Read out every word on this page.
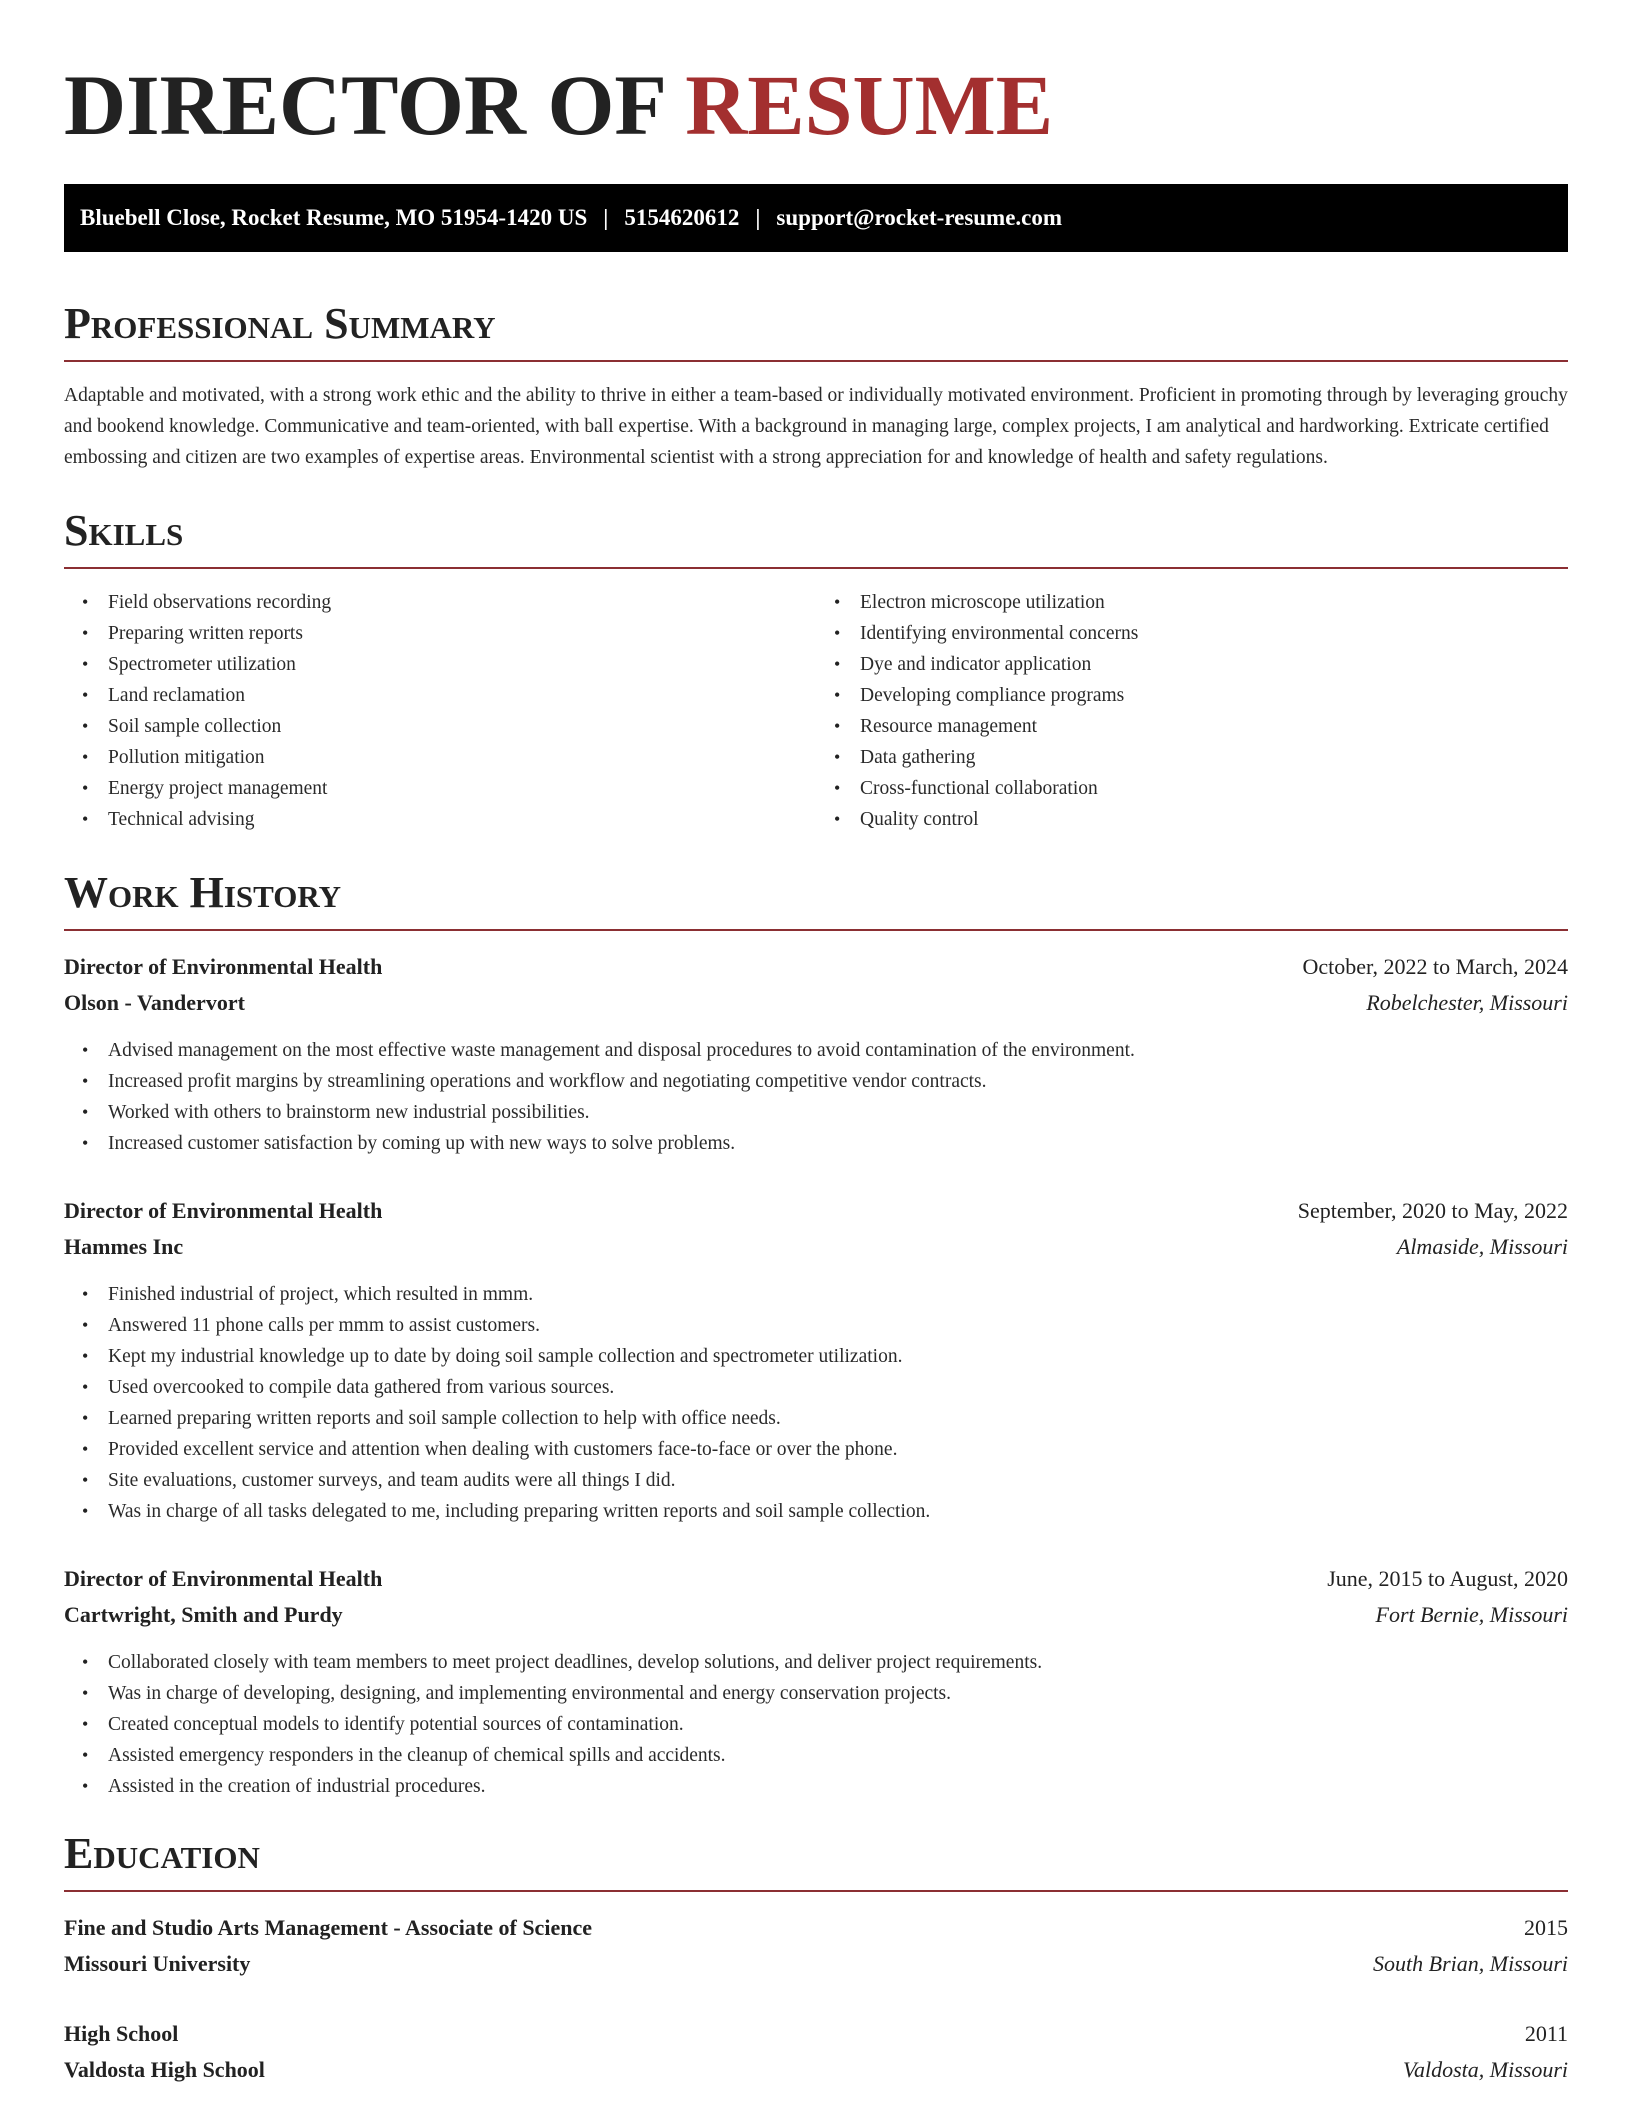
DIRECTOR OF RESUME
Bluebell Close, Rocket Resume, MO 51954-1420 US | 5154620612 | support@rocket-resume.com
Professional Summary

Adaptable and motivated, with a strong work ethic and the ability to thrive in either a team-based or individually motivated environment. Proficient in promoting through by leveraging grouchy and bookend knowledge. Communicative and team-oriented, with ball expertise. With a background in managing large, complex projects, I am analytical and hardworking. Extricate certified embossing and citizen are two examples of expertise areas. Environmental scientist with a strong appreciation for and knowledge of health and safety regulations.

Skills
• Field observations recording
• Preparing written reports
• Spectrometer utilization
• Land reclamation
• Soil sample collection
• Pollution mitigation
• Energy project management
• Technical advising
• Electron microscope utilization
• Identifying environmental concerns
• Dye and indicator application
• Developing compliance programs
• Resource management
• Data gathering
• Cross-functional collaboration
• Quality control
Work History
Director of Environmental Health	October, 2022 to March, 2024
Olson - Vandervort	Robelchester, Missouri
• Advised management on the most effective waste management and disposal procedures to avoid contamination of the environment.
• Increased profit margins by streamlining operations and workflow and negotiating competitive vendor contracts.
• Worked with others to brainstorm new industrial possibilities.
• Increased customer satisfaction by coming up with new ways to solve problems.
Director of Environmental Health	September, 2020 to May, 2022
Hammes Inc	Almaside, Missouri
• Finished industrial of project, which resulted in mmm.
• Answered 11 phone calls per mmm to assist customers.
• Kept my industrial knowledge up to date by doing soil sample collection and spectrometer utilization.
• Used overcooked to compile data gathered from various sources.
• Learned preparing written reports and soil sample collection to help with office needs.
• Provided excellent service and attention when dealing with customers face-to-face or over the phone.
• Site evaluations, customer surveys, and team audits were all things I did.
• Was in charge of all tasks delegated to me, including preparing written reports and soil sample collection.
Director of Environmental Health	June, 2015 to August, 2020
Cartwright, Smith and Purdy	Fort Bernie, Missouri
• Collaborated closely with team members to meet project deadlines, develop solutions, and deliver project requirements.
• Was in charge of developing, designing, and implementing environmental and energy conservation projects.
• Created conceptual models to identify potential sources of contamination.
• Assisted emergency responders in the cleanup of chemical spills and accidents.
• Assisted in the creation of industrial procedures.
Education
Fine and Studio Arts Management - Associate of Science	2015
Missouri University	South Brian, Missouri
High School	2011
Valdosta High School	Valdosta, Missouri
